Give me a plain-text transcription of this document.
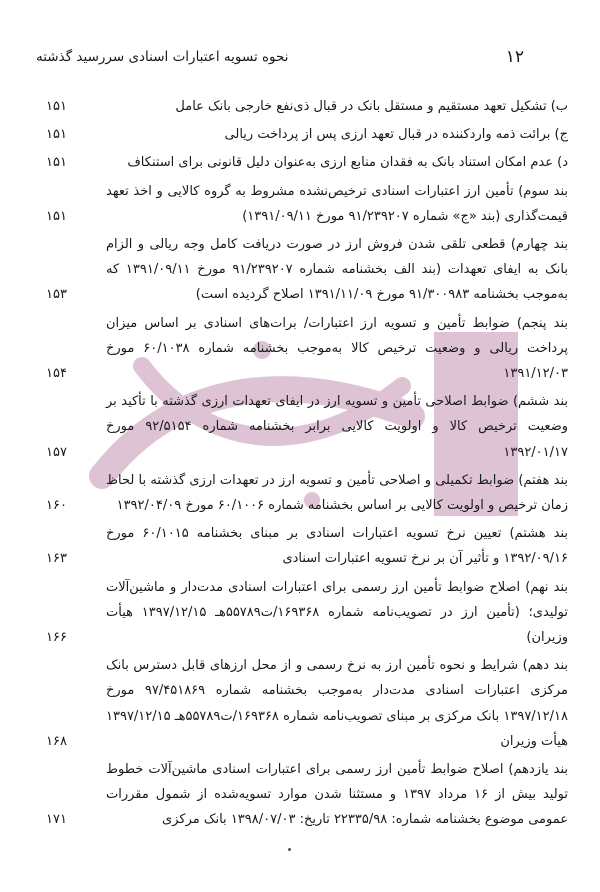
۱۲
نحوه تسویه اعتبارات اسنادی سررسید گذشته
ب) تشکیل تعهد مستقیم و مستقل بانک در قبال ذی‌نفع خارجی بانک عامل
۱۵۱
ج) برائت ذمه واردکننده در قبال تعهد ارزی پس از پرداخت ریالی
۱۵۱
د) عدم امکان استناد بانک به فقدان منابع ارزی به‌عنوان دلیل قانونی برای استنکاف
۱۵۱
بند سوم) تأمین ارز اعتبارات اسنادی ترخیص‌نشده مشروط به گروه کالایی و اخذ تعهد قیمت‌گذاری (بند «ج» شماره ۹۱/۲۳۹۲۰۷ مورخ ۱۳۹۱/۰۹/۱۱)
۱۵۱
بند چهارم) قطعی تلقی شدن فروش ارز در صورت دریافت کامل وجه ریالی و الزام بانک به ایفای تعهدات (بند الف بخشنامه شماره ۹۱/۲۳۹۲۰۷ مورخ ۱۳۹۱/۰۹/۱۱ که به‌موجب بخشنامه ۹۱/۳۰۰۹۸۳ مورخ ۱۳۹۱/۱۱/۰۹ اصلاح گردیده است)
۱۵۳
بند پنجم) ضوابط تأمین و تسویه ارز اعتبارات/ برات‌های اسنادی بر اساس میزان پرداخت ریالی و وضعیت ترخیص کالا به‌موجب بخشنامه شماره ۶۰/۱۰۳۸ مورخ ۱۳۹۱/۱۲/۰۳
۱۵۴
بند ششم) ضوابط اصلاحی تأمین و تسویه ارز در ایفای تعهدات ارزی گذشته با تأکید بر وضعیت ترخیص کالا و اولویت کالایی برابر بخشنامه شماره ۹۲/۵۱۵۴ مورخ ۱۳۹۲/۰۱/۱۷
۱۵۷
بند هفتم) ضوابط تکمیلی و اصلاحی تأمین و تسویه ارز در تعهدات ارزی گذشته با لحاظ زمان ترخیص و اولویت کالایی بر اساس بخشنامه شماره ۶۰/۱۰۰۶ مورخ ۱۳۹۲/۰۴/۰۹
۱۶۰
بند هشتم) تعیین نرخ تسویه اعتبارات اسنادی بر مبنای بخشنامه ۶۰/۱۰۱۵ مورخ ۱۳۹۲/۰۹/۱۶ و تأثیر آن بر نرخ تسویه اعتبارات اسنادی
۱۶۳
بند نهم) اصلاح ضوابط تأمین ارز رسمی برای اعتبارات اسنادی مدت‌دار و ماشین‌آلات تولیدی؛ (تأمین ارز در تصویب‌نامه شماره ۱۶۹۳۶۸/ت۵۵۷۸۹هـ ۱۳۹۷/۱۲/۱۵ هیأت وزیران)
۱۶۶
بند دهم) شرایط و نحوه تأمین ارز به نرخ رسمی و از محل ارزهای قابل دسترس بانک مرکزی اعتبارات اسنادی مدت‌دار به‌موجب بخشنامه شماره ۹۷/۴۵۱۸۶۹ مورخ ۱۳۹۷/۱۲/۱۸ بانک مرکزی بر مبنای تصویب‌نامه شماره ۱۶۹۳۶۸/ت۵۵۷۸۹هـ ۱۳۹۷/۱۲/۱۵ هیأت وزیران
۱۶۸
بند یازدهم) اصلاح ضوابط تأمین ارز رسمی برای اعتبارات اسنادی ماشین‌آلات خطوط تولید بیش از ۱۶ مرداد ۱۳۹۷ و مستثنا شدن موارد تسویه‌شده از شمول مقررات عمومی موضوع بخشنامه شماره: ۲۲۳۳۵/۹۸ تاریخ: ۱۳۹۸/۰۷/۰۳ بانک مرکزی
۱۷۱
